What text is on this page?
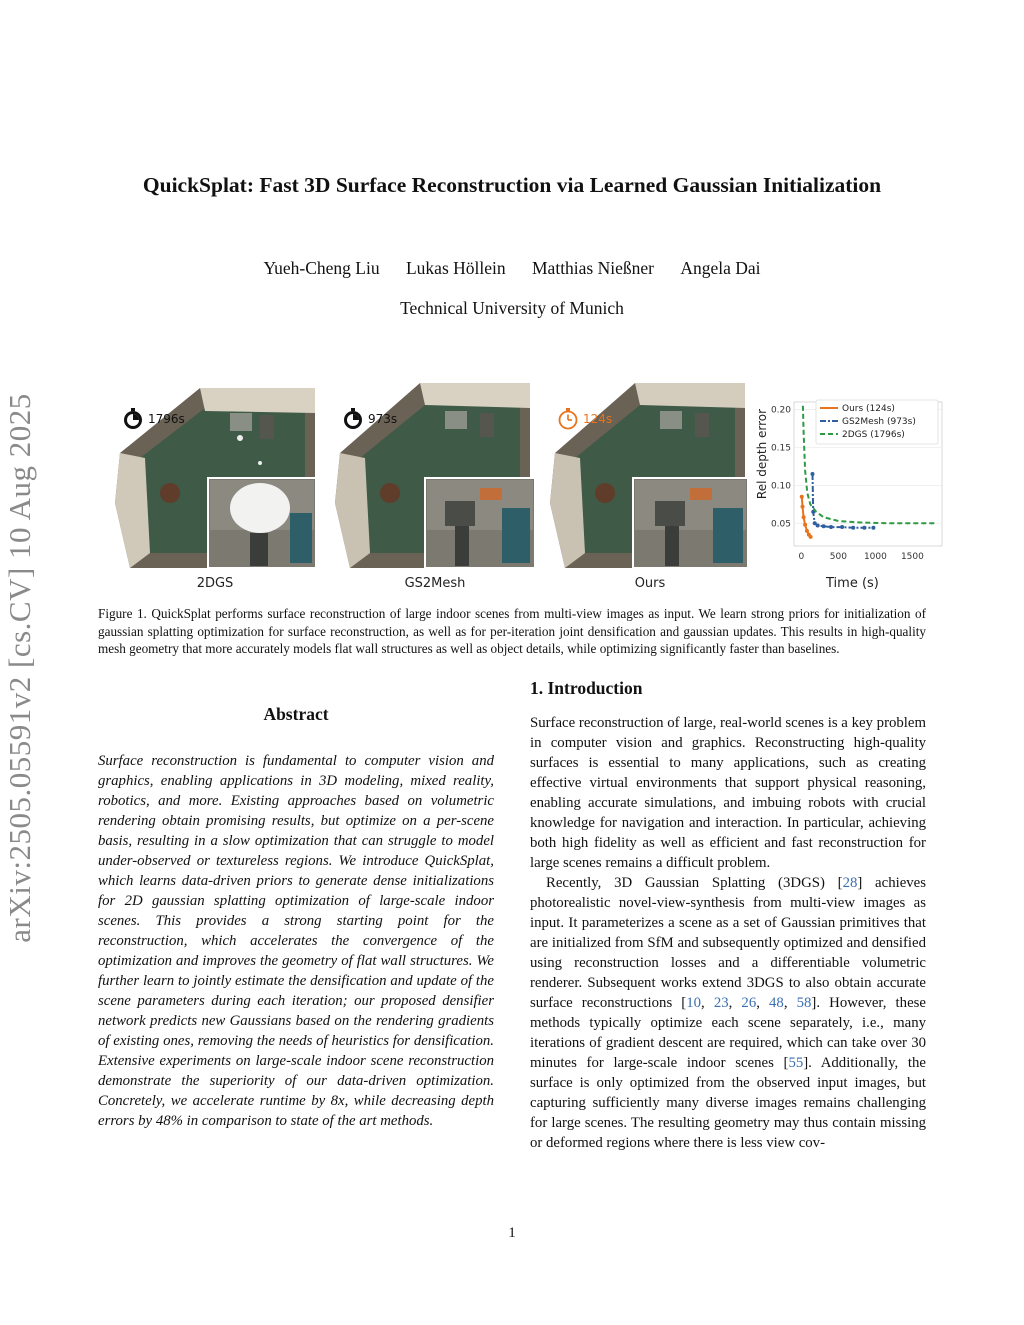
QuickSplat: Fast 3D Surface Reconstruction via Learned Gaussian Initialization
Yueh-Cheng Liu Lukas Höllein Matthias Nießner Angela Dai
Technical University of Munich
arXiv:2505.05591v2 [cs.CV] 10 Aug 2025	1796s
2DGS
973s
GS2Mesh
124s
Ours
0.05
0.10
0.15
0.20
0	500 1000 1500
Ours (124s)
GS2Mesh (973s)
2DGS (1796s)
Rel depth error
Time (s)
Figure 1. QuickSplat performs surface reconstruction of large indoor scenes from multi-view images as input. We learn strong priors for initialization of gaussian splatting optimization for surface reconstruction, as well as for per-iteration joint densification and gaussian updates. This results in high-quality mesh geometry that more accurately models flat wall structures as well as object details, while optimizing significantly faster than baselines.
Abstract
Surface reconstruction is fundamental to computer vision and graphics, enabling applications in 3D modeling, mixed reality, robotics, and more. Existing approaches based on volumetric rendering obtain promising results, but optimize on a per-scene basis, resulting in a slow optimization that can struggle to model under-observed or textureless regions. We introduce QuickSplat, which learns data-driven priors to generate dense initializations for 2D gaussian splatting optimization of large-scale indoor scenes. This provides a strong starting point for the reconstruction, which accelerates the convergence of the optimization and improves the geometry of flat wall structures. We further learn to jointly estimate the densification and update of the scene parameters during each iteration; our proposed densifier network predicts new Gaussians based on the rendering gradients of existing ones, removing the needs of heuristics for densification. Extensive experiments on large-scale indoor scene reconstruction demonstrate the superiority of our data-driven optimization. Concretely, we accelerate runtime by 8x, while decreasing depth errors by 48% in comparison to state of the art methods.
1. Introduction

Surface reconstruction of large, real-world scenes is a key problem in computer vision and graphics. Reconstructing high-quality surfaces is essential to many applications, such as creating effective virtual environments that support physical reasoning, enabling accurate simulations, and imbuing robots with crucial knowledge for navigation and interaction. In particular, achieving both high fidelity as well as efficient and fast reconstruction for large scenes remains a difficult problem.

Recently, 3D Gaussian Splatting (3DGS) [28] achieves photorealistic novel-view-synthesis from multi-view images as input. It parameterizes a scene as a set of Gaussian primitives that are initialized from SfM and subsequently optimized and densified using reconstruction losses and a differentiable volumetric renderer. Subsequent works extend 3DGS to also obtain accurate surface reconstructions [10, 23, 26, 48, 58]. However, these methods typically optimize each scene separately, i.e., many iterations of gradient descent are required, which can take over 30 minutes for large-scale indoor scenes [55]. Additionally, the surface is only optimized from the observed input images, but capturing sufficiently many diverse images remains challenging for large scenes. The resulting geometry may thus contain missing or deformed regions where there is less view cov-

1
